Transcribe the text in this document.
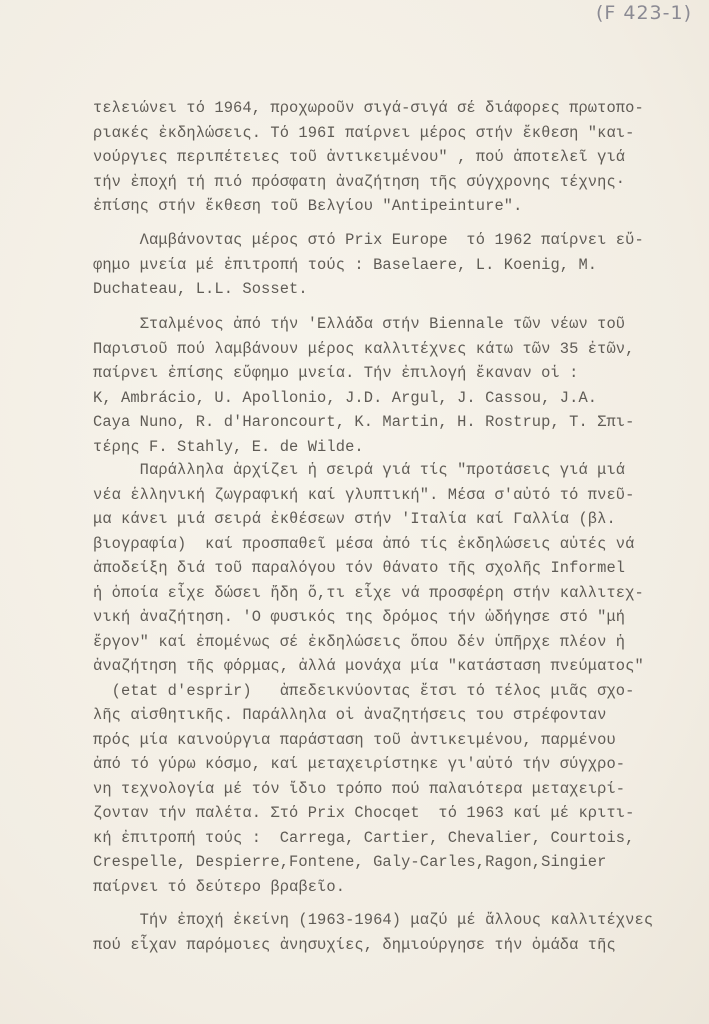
(F 423-1)
τελειώνει τό 1964, προχωροῦν σιγά-σιγά σέ διάφορες πρωτοπο-
ριακές ἐκδηλώσεις. Τό 196Ι παίρνει μέρος στήν ἔκθεση "και-
νούργιες περιπέτειες τοῦ ἀντικειμένου" , πού ἀποτελεῖ γιά
τήν ἐποχή τή πιό πρόσφατη ἀναζήτηση τῆς σύγχρονης τέχνης·
ἐπίσης στήν ἔκθεση τοῦ Βελγίου "Antipeinture".
Λαμβάνοντας μέρος στό Prix Europe  τό 1962 παίρνει εὔ-
φημο μνεία μέ ἐπιτροπή τούς : Baselaere, L. Koenig, M.
Duchateau, L.L. Sosset.
Σταλμένος ἀπό τήν 'Ελλάδα στήν Biennale τῶν νέων τοῦ
Παρισιοῦ πού λαμβάνουν μέρος καλλιτέχνες κάτω τῶν 35 ἐτῶν,
παίρνει ἐπίσης εὔφημο μνεία. Τήν ἐπιλογή ἔκαναν οἱ :
K, Ambrácio, U. Apollonio, J.D. Argul, J. Cassou, J.A.
Caya Nuno, R. d'Haroncourt, K. Martin, H. Rostrup, T. Σπι-
τέρης F. Stahly, E. de Wilde.
Παράλληλα ἀρχίζει ἡ σειρά γιά τίς "προτάσεις γιά μιά
νέα ἑλληνική ζωγραφική καί γλυπτική". Μέσα σ'αὐτό τό πνεῦ-
μα κάνει μιά σειρά ἐκθέσεων στήν 'Ιταλία καί Γαλλία (βλ.
βιογραφία)  καί προσπαθεῖ μέσα ἀπό τίς ἐκδηλώσεις αὐτές νά
ἀποδείξη διά τοῦ παραλόγου τόν θάνατο τῆς σχολῆς Informel
ἡ ὁποία εἶχε δώσει ἤδη ὅ,τι εἶχε νά προσφέρη στήν καλλιτεχ-
νική ἀναζήτηση. 'Ο φυσικός της δρόμος τήν ὠδήγησε στό "μή
ἔργον" καί ἐπομένως σέ ἐκδηλώσεις ὅπου δέν ὑπῆρχε πλέον ἡ
ἀναζήτηση τῆς φόρμας, ἀλλά μονάχα μία "κατάσταση πνεύματος"
(etat d'esprir)   ἀπεδεικνύοντας ἔτσι τό τέλος μιᾶς σχο-
λῆς αἰσθητικῆς. Παράλληλα οἱ ἀναζητήσεις του στρέφονταν
πρός μία καινούργια παράσταση τοῦ ἀντικειμένου, παρμένου
ἀπό τό γύρω κόσμο, καί μεταχειρίστηκε γι'αὐτό τήν σύγχρο-
νη τεχνολογία μέ τόν ἴδιο τρόπο πού παλαιότερα μεταχειρί-
ζονταν τήν παλέτα. Στό Prix Chocqet  τό 1963 καί μέ κριτι-
κή ἐπιτροπή τούς :  Carrega, Cartier, Chevalier, Courtois,
Crespelle, Despierre,Fontene, Galy-Carles,Ragon,Singier
παίρνει τό δεύτερο βραβεῖο.
Τήν ἐποχή ἐκείνη (1963-1964) μαζύ μέ ἄλλους καλλιτέχνες
πού εἶχαν παρόμοιες ἀνησυχίες, δημιούργησε τήν ὁμάδα τῆς
